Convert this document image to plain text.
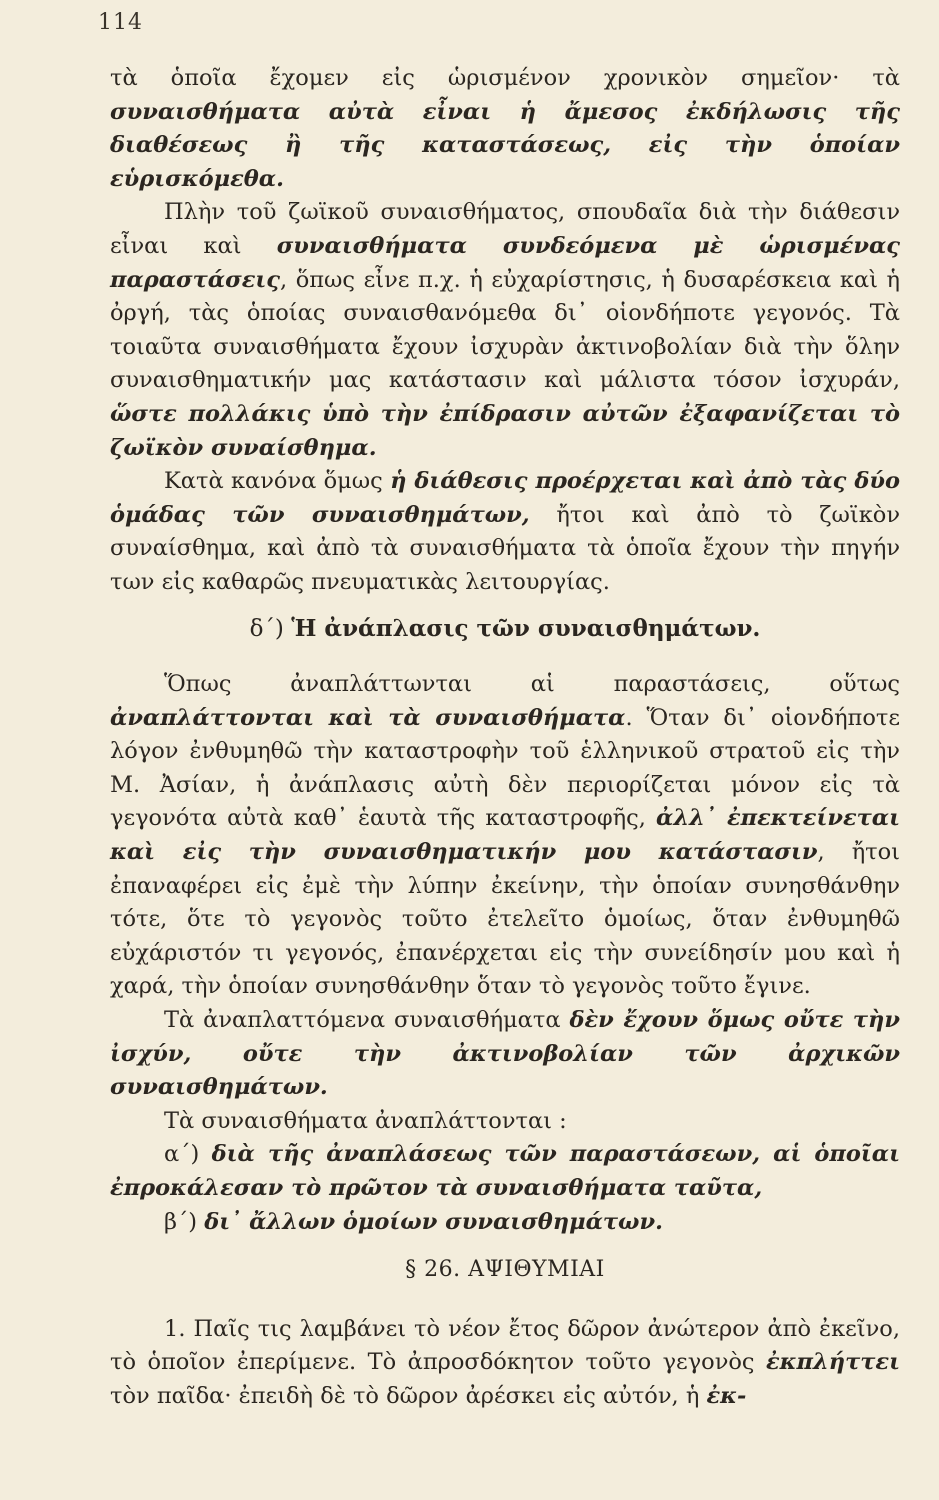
114

τὰ ὁποῖα ἔχομεν εἰς ὡρισμένον χρονικὸν σημεῖον· τὰ συναισθήματα αὐτὰ εἶναι ἡ ἄμεσος ἐκδήλωσις τῆς διαθέσεως ἢ τῆς καταστάσεως, εἰς τὴν ὁποίαν εὑρισκόμεθα.

Πλὴν τοῦ ζωϊκοῦ συναισθήματος, σπουδαῖα διὰ τὴν διάθεσιν εἶναι καὶ συναισθήματα συνδεόμενα μὲ ὡρισμένας παραστάσεις, ὅπως εἶνε π.χ. ἡ εὐχαρίστησις, ἡ δυσαρέσκεια καὶ ἡ ὀργή, τὰς ὁποίας συναισθανόμεθα δι᾽ οἱονδήποτε γεγονός. Τὰ τοιαῦτα συναισθήματα ἔχουν ἰσχυρὰν ἀκτινοβολίαν διὰ τὴν ὅλην συναισθηματικήν μας κατάστασιν καὶ μάλιστα τόσον ἰσχυράν, ὥστε πολλάκις ὑπὸ τὴν ἐπίδρασιν αὐτῶν ἐξαφανίζεται τὸ ζωϊκὸν συναίσθημα.

Κατὰ κανόνα ὅμως ἡ διάθεσις προέρχεται καὶ ἀπὸ τὰς δύο ὁμάδας τῶν συναισθημάτων, ἤτοι καὶ ἀπὸ τὸ ζωϊκὸν συναίσθημα, καὶ ἀπὸ τὰ συναισθήματα τὰ ὁποῖα ἔχουν τὴν πηγήν των εἰς καθαρῶς πνευματικὰς λειτουργίας.

δ΄) Ἡ ἀνάπλασις τῶν συναισθημάτων.

Ὅπως ἀναπλάττωνται αἱ παραστάσεις, οὕτως ἀναπλάττονται καὶ τὰ συναισθήματα. Ὅταν δι᾽ οἱονδήποτε λόγον ἐνθυμηθῶ τὴν καταστροφὴν τοῦ ἑλληνικοῦ στρατοῦ εἰς τὴν Μ. Ἀσίαν, ἡ ἀνάπλασις αὐτὴ δὲν περιορίζεται μόνον εἰς τὰ γεγονότα αὐτὰ καθ᾽ ἑαυτὰ τῆς καταστροφῆς, ἀλλ᾽ ἐπεκτείνεται καὶ εἰς τὴν συναισθηματικήν μου κατάστασιν, ἤτοι ἐπαναφέρει εἰς ἐμὲ τὴν λύπην ἐκείνην, τὴν ὁποίαν συνησθάνθην τότε, ὅτε τὸ γεγονὸς τοῦτο ἐτελεῖτο ὁμοίως, ὅταν ἐνθυμηθῶ εὐχάριστόν τι γεγονός, ἐπανέρχεται εἰς τὴν συνείδησίν μου καὶ ἡ χαρά, τὴν ὁποίαν συνησθάνθην ὅταν τὸ γεγονὸς τοῦτο ἔγινε.

Τὰ ἀναπλαττόμενα συναισθήματα δὲν ἔχουν ὅμως οὔτε τὴν ἰσχύν, οὔτε τὴν ἀκτινοβολίαν τῶν ἀρχικῶν συναισθημάτων.

Τὰ συναισθήματα ἀναπλάττονται :

α΄) διὰ τῆς ἀναπλάσεως τῶν παραστάσεων, αἱ ὁποῖαι ἐπροκάλεσαν τὸ πρῶτον τὰ συναισθήματα ταῦτα,

β΄) δι᾽ ἄλλων ὁμοίων συναισθημάτων.

§ 26. ΑΨΙΘΥΜΙΑΙ

1. Παῖς τις λαμβάνει τὸ νέον ἔτος δῶρον ἀνώτερον ἀπὸ ἐκεῖνο, τὸ ὁποῖον ἐπερίμενε. Τὸ ἀπροσδόκητον τοῦτο γεγονὸς ἐκπλήττει τὸν παῖδα· ἐπειδὴ δὲ τὸ δῶρον ἀρέσκει εἰς αὐτόν, ἡ ἐκ-
